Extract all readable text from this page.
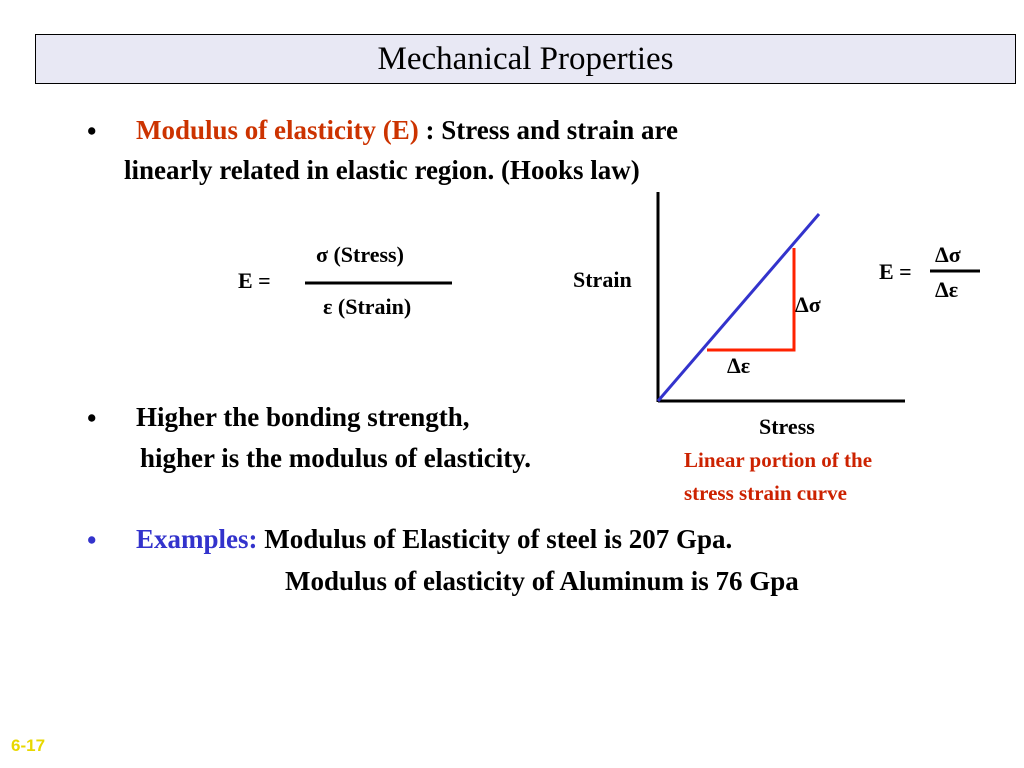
Mechanical Properties
• Modulus of elasticity (E) : Stress and strain are
linearly related in elastic region. (Hooks law)
E =
σ (Stress)
ε (Strain)
Strain
Stress
Δσ
Δε
E =
Δσ
Δε
• Higher the bonding strength,
higher is the modulus of elasticity.	Linear portion of the
stress strain curve
• Examples: Modulus of Elasticity of steel is 207 Gpa.
Modulus of elasticity of Aluminum is 76 Gpa
6-17
